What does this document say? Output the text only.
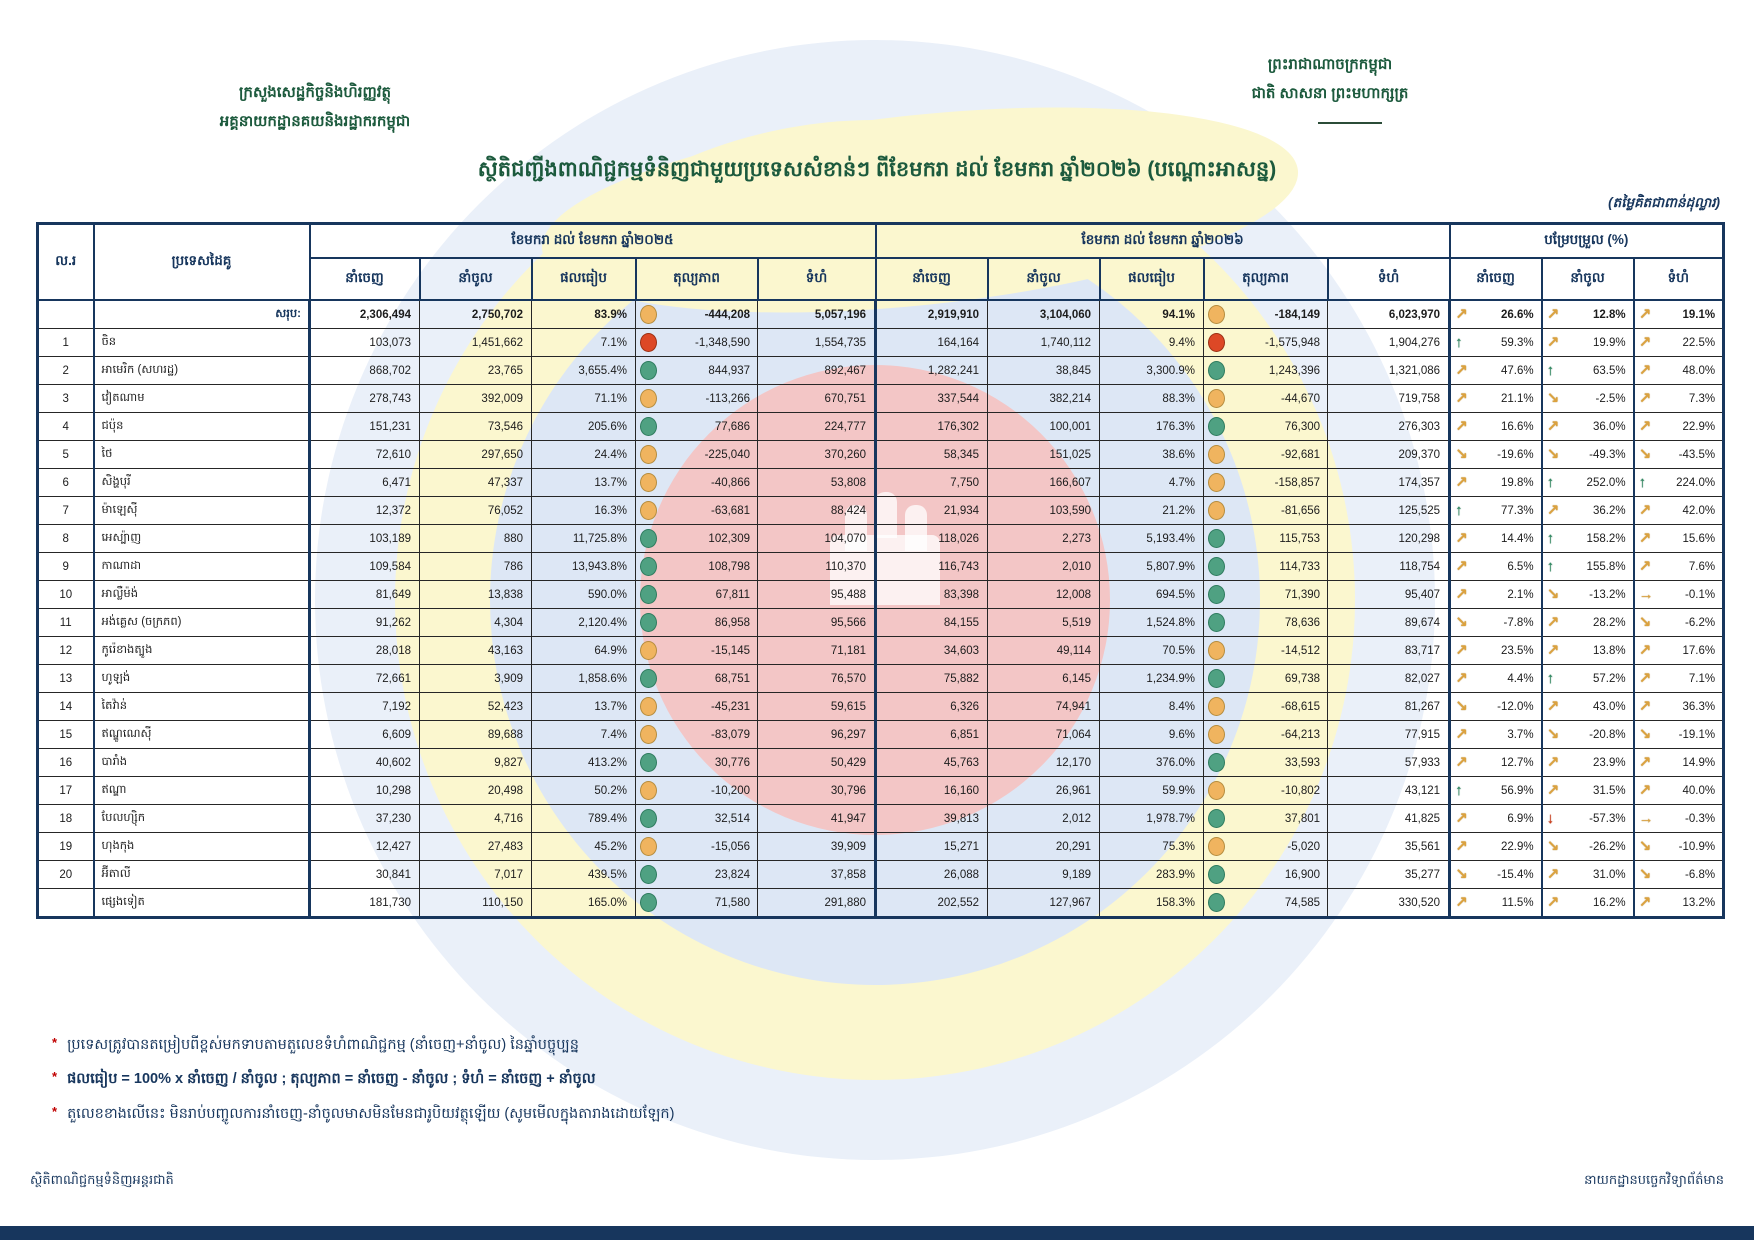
ក្រសួងសេដ្ឋកិច្ចនិងហិរញ្ញវត្ថុ
អគ្គនាយកដ្ឋានគយនិងរដ្ឋាករកម្ពុជា
ព្រះរាជាណាចក្រកម្ពុជា
ជាតិ សាសនា ព្រះមហាក្សត្រ
ស្ថិតិជញ្ជីងពាណិជ្ជកម្មទំនិញជាមួយប្រទេសសំខាន់ៗ ពីខែមករា ដល់ ខែមករា ឆ្នាំ២០២៦ (បណ្ដោះអាសន្ន)
(តម្លៃគិតជាពាន់ដុល្លារ)
ល.រ	ប្រទេសដៃគូ	ខែមករា ដល់ ខែមករា ឆ្នាំ២០២៥					ខែមករា ដល់ ខែមករា ឆ្នាំ២០២៦					បម្រែបម្រួល (%)		
		នាំចេញ	នាំចូល	ផលធៀប	តុល្យភាព	ទំហំ	នាំចេញ	នាំចូល	ផលធៀប	តុល្យភាព	ទំហំ	នាំចេញ	នាំចូល	ទំហំ

	សរុប:	2,306,494	2,750,702	83.9%	-444,208	5,057,196	2,919,910	3,104,060	94.1%	-184,149	6,023,970	↗ 26.6%	↗ 12.8%	↗ 19.1%

1	ចិន	103,073	1,451,662	7.1%	-1,348,590	1,554,735	164,164	1,740,112	9.4%	-1,575,948	1,904,276	↑ 59.3%	↗ 19.9%	↗ 22.5%

2	អាមេរិក (សហរដ្ឋ)	868,702	23,765	3,655.4%	844,937	892,467	1,282,241	38,845	3,300.9%	1,243,396	1,321,086	↗ 47.6%	↑ 63.5%	↗ 48.0%

3	វៀតណាម	278,743	392,009	71.1%	-113,266	670,751	337,544	382,214	88.3%	-44,670	719,758	↗ 21.1%	↘ -2.5%	↗ 7.3%

4	ជប៉ុន	151,231	73,546	205.6%	77,686	224,777	176,302	100,001	176.3%	76,300	276,303	↗ 16.6%	↗ 36.0%	↗ 22.9%

5	ថៃ	72,610	297,650	24.4%	-225,040	370,260	58,345	151,025	38.6%	-92,681	209,370	↘ -19.6%	↘ -49.3%	↘ -43.5%

6	សិង្ហបុរី	6,471	47,337	13.7%	-40,866	53,808	7,750	166,607	4.7%	-158,857	174,357	↗ 19.8%	↑ 252.0%	↑ 224.0%

7	ម៉ាឡេស៊ី	12,372	76,052	16.3%	-63,681	88,424	21,934	103,590	21.2%	-81,656	125,525	↑ 77.3%	↗ 36.2%	↗ 42.0%

8	អេស្ប៉ាញ	103,189	880	11,725.8%	102,309	104,070	118,026	2,273	5,193.4%	115,753	120,298	↗ 14.4%	↑ 158.2%	↗ 15.6%

9	កាណាដា	109,584	786	13,943.8%	108,798	110,370	116,743	2,010	5,807.9%	114,733	118,754	↗ 6.5%	↑ 155.8%	↗ 7.6%

10	អាល្លឺម៉ង់	81,649	13,838	590.0%	67,811	95,488	83,398	12,008	694.5%	71,390	95,407	↗ 2.1%	↘ -13.2%	→ -0.1%

11	អង់គ្លេស (ចក្រភព)	91,262	4,304	2,120.4%	86,958	95,566	84,155	5,519	1,524.8%	78,636	89,674	↘ -7.8%	↗ 28.2%	↘ -6.2%

12	កូរ៉េខាងត្បូង	28,018	43,163	64.9%	-15,145	71,181	34,603	49,114	70.5%	-14,512	83,717	↗ 23.5%	↗ 13.8%	↗ 17.6%

13	ហូឡង់	72,661	3,909	1,858.6%	68,751	76,570	75,882	6,145	1,234.9%	69,738	82,027	↗ 4.4%	↑ 57.2%	↗ 7.1%

14	តៃវ៉ាន់	7,192	52,423	13.7%	-45,231	59,615	6,326	74,941	8.4%	-68,615	81,267	↘ -12.0%	↗ 43.0%	↗ 36.3%

15	ឥណ្ឌូណេស៊ី	6,609	89,688	7.4%	-83,079	96,297	6,851	71,064	9.6%	-64,213	77,915	↗ 3.7%	↘ -20.8%	↘ -19.1%

16	បារាំង	40,602	9,827	413.2%	30,776	50,429	45,763	12,170	376.0%	33,593	57,933	↗ 12.7%	↗ 23.9%	↗ 14.9%

17	ឥណ្ឌា	10,298	20,498	50.2%	-10,200	30,796	16,160	26,961	59.9%	-10,802	43,121	↑ 56.9%	↗ 31.5%	↗ 40.0%

18	បែលហ្ស៊ិក	37,230	4,716	789.4%	32,514	41,947	39,813	2,012	1,978.7%	37,801	41,825	↗ 6.9%	↓ -57.3%	→ -0.3%

19	ហុងកុង	12,427	27,483	45.2%	-15,056	39,909	15,271	20,291	75.3%	-5,020	35,561	↗ 22.9%	↘ -26.2%	↘ -10.9%

20	អ៊ីតាលី	30,841	7,017	439.5%	23,824	37,858	26,088	9,189	283.9%	16,900	35,277	↘ -15.4%	↗ 31.0%	↘ -6.8%

	ផ្សេងទៀត	181,730	110,150	165.0%	71,580	291,880	202,552	127,967	158.3%	74,585	330,520	↗ 11.5%	↗ 16.2%	↗ 13.2%
* ប្រទេសត្រូវបានតម្រៀបពីខ្ពស់មកទាបតាមតួលេខទំហំពាណិជ្ជកម្ម (នាំចេញ+នាំចូល) នៃឆ្នាំបច្ចុប្បន្ន
* ផលធៀប = 100% x នាំចេញ / នាំចូល ; តុល្យភាព = នាំចេញ - នាំចូល ; ទំហំ = នាំចេញ + នាំចូល
* តួលេខខាងលើនេះ មិនរាប់បញ្ចូលការនាំចេញ-នាំចូលមាសមិនមែនជារូបិយវត្ថុឡើយ (សូមមើលក្នុងតារាងដោយឡែក)
ស្ថិតិពាណិជ្ជកម្មទំនិញអន្តរជាតិ	នាយកដ្ឋានបច្ចេកវិទ្យាព័ត៌មាន
